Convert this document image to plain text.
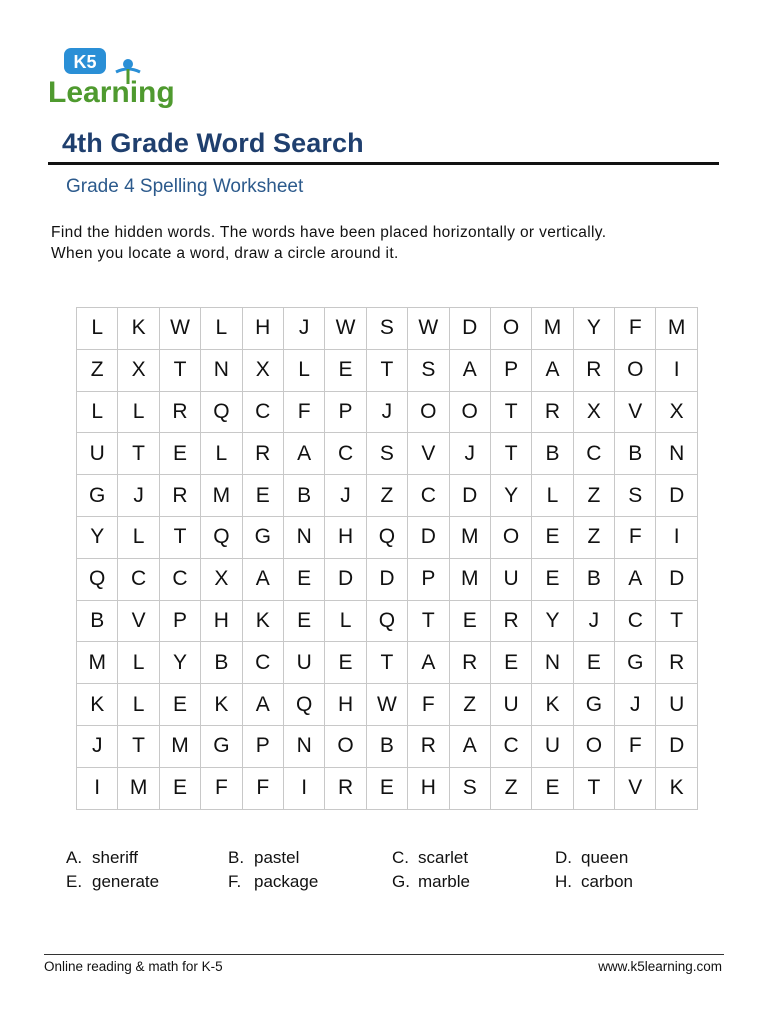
K5
Learning
4th Grade Word Search
Grade 4 Spelling Worksheet
Find the hidden words. The words have been placed horizontally or vertically. When you locate a word, draw a circle around it.
L	K	W	L	H	J	W	S	W	D	O	M	Y	F	M
Z	X	T	N	X	L	E	T	S	A	P	A	R	O	I
L	L	R	Q	C	F	P	J	O	O	T	R	X	V	X
U	T	E	L	R	A	C	S	V	J	T	B	C	B	N
G	J	R	M	E	B	J	Z	C	D	Y	L	Z	S	D
Y	L	T	Q	G	N	H	Q	D	M	O	E	Z	F	I
Q	C	C	X	A	E	D	D	P	M	U	E	B	A	D
B	V	P	H	K	E	L	Q	T	E	R	Y	J	C	T
M	L	Y	B	C	U	E	T	A	R	E	N	E	G	R
K	L	E	K	A	Q	H	W	F	Z	U	K	G	J	U
J	T	M	G	P	N	O	B	R	A	C	U	O	F	D
I	M	E	F	F	I	R	E	H	S	Z	E	T	V	K
A. sheriff	B. pastel	C. scarlet	D. queen
E. generate	F. package	G. marble	H. carbon
Online reading & math for K-5	www.k5learning.com
